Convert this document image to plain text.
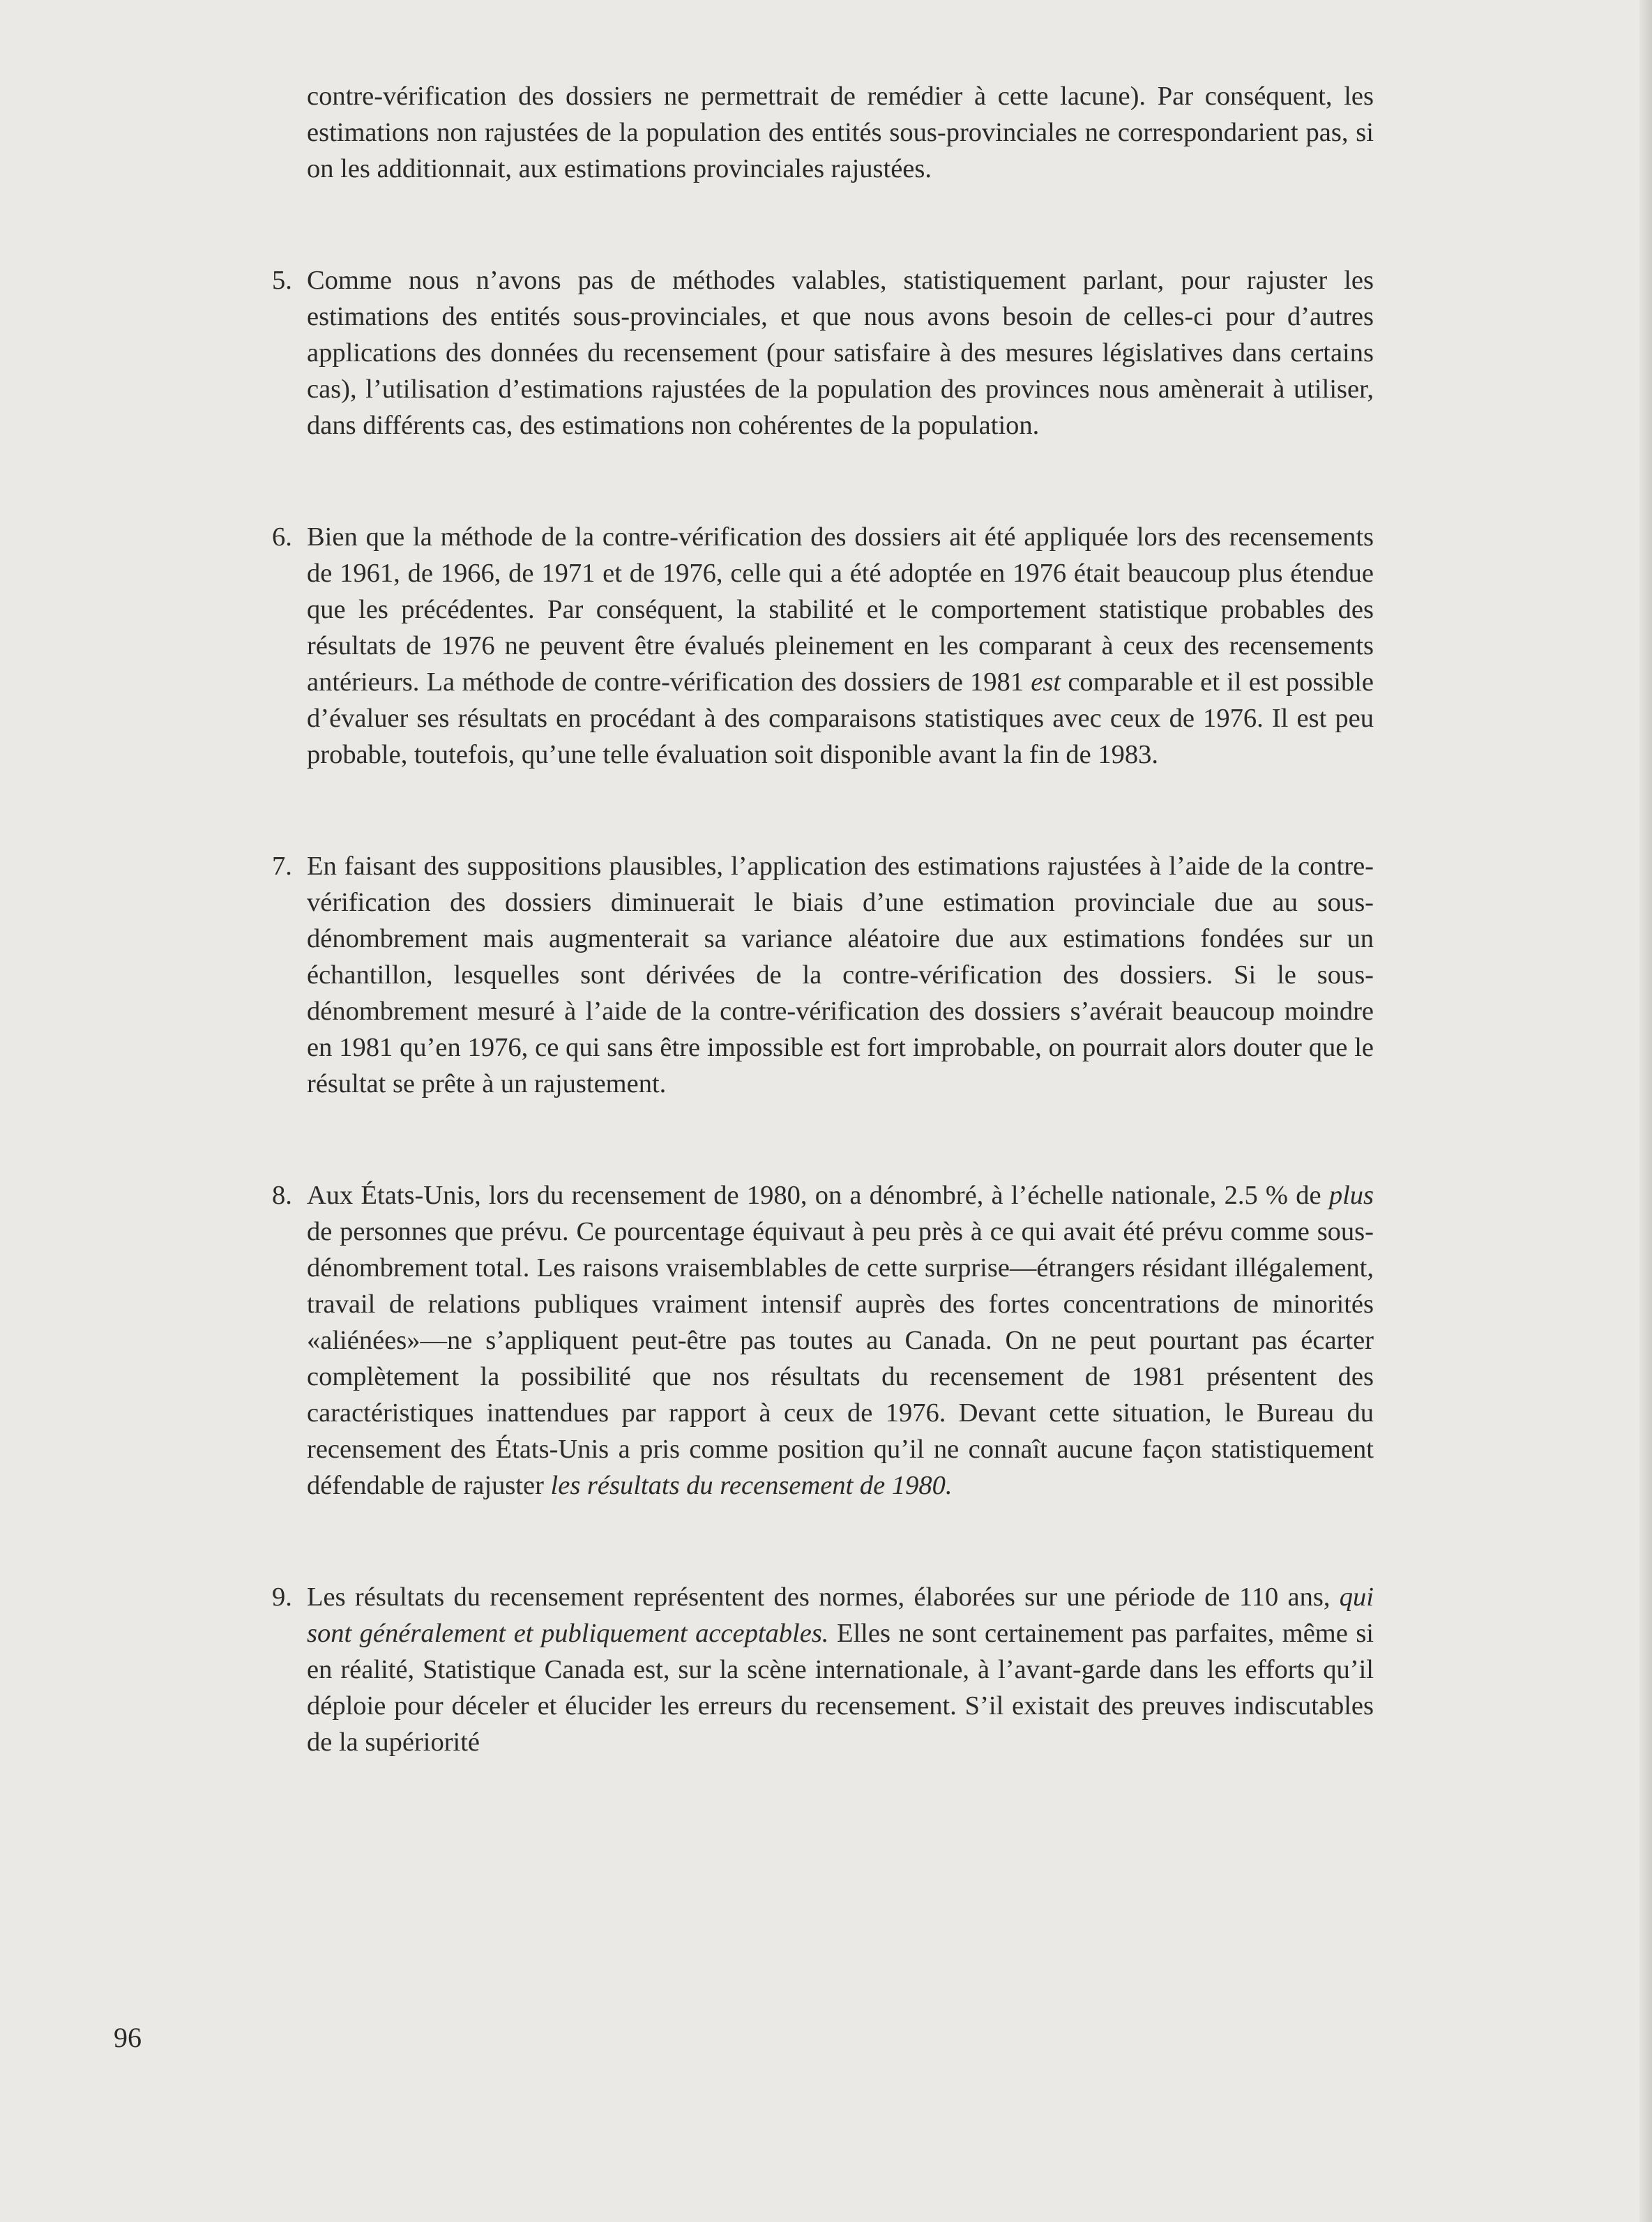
contre-vérification des dossiers ne permettrait de remédier à cette lacune). Par conséquent, les estimations non rajustées de la population des entités sous-provinciales ne correspondarient pas, si on les additionnait, aux estimations provinciales rajustées.

5. Comme nous n’avons pas de méthodes valables, statistiquement parlant, pour rajuster les estimations des entités sous-provinciales, et que nous avons besoin de celles-ci pour d’autres applications des données du recensement (pour satisfaire à des mesures législatives dans certains cas), l’utilisation d’estimations rajustées de la population des provinces nous amènerait à utiliser, dans différents cas, des estimations non cohérentes de la population.

6. Bien que la méthode de la contre-vérification des dossiers ait été appliquée lors des recensements de 1961, de 1966, de 1971 et de 1976, celle qui a été adoptée en 1976 était beaucoup plus étendue que les précédentes. Par conséquent, la stabilité et le comportement statistique probables des résultats de 1976 ne peuvent être évalués pleinement en les comparant à ceux des recensements antérieurs. La méthode de contre-vérification des dossiers de 1981 est comparable et il est possible d’évaluer ses résultats en procédant à des comparaisons statistiques avec ceux de 1976. Il est peu probable, toutefois, qu’une telle évaluation soit disponible avant la fin de 1983.

7. En faisant des suppositions plausibles, l’application des estimations rajustées à l’aide de la contre-vérification des dossiers diminuerait le biais d’une estimation provinciale due au sous-dénombrement mais augmenterait sa variance aléatoire due aux estimations fondées sur un échantillon, lesquelles sont dérivées de la contre-vérification des dossiers. Si le sous-dénombrement mesuré à l’aide de la contre-vérification des dossiers s’avérait beaucoup moindre en 1981 qu’en 1976, ce qui sans être impossible est fort improbable, on pourrait alors douter que le résultat se prête à un rajustement.

8. Aux États-Unis, lors du recensement de 1980, on a dénombré, à l’échelle nationale, 2.5 % de plus de personnes que prévu. Ce pourcentage équivaut à peu près à ce qui avait été prévu comme sous-dénombrement total. Les raisons vraisemblables de cette surprise—étrangers résidant illégalement, travail de relations publiques vraiment intensif auprès des fortes concentrations de minorités «aliénées»—ne s’appliquent peut-être pas toutes au Canada. On ne peut pourtant pas écarter complètement la possibilité que nos résultats du recensement de 1981 présentent des caractéristiques inattendues par rapport à ceux de 1976. Devant cette situation, le Bureau du recensement des États-Unis a pris comme position qu’il ne connaît aucune façon statistiquement défendable de rajuster les résultats du recensement de 1980.

9. Les résultats du recensement représentent des normes, élaborées sur une période de 110 ans, qui sont généralement et publiquement acceptables. Elles ne sont certainement pas parfaites, même si en réalité, Statistique Canada est, sur la scène internationale, à l’avant-garde dans les efforts qu’il déploie pour déceler et élucider les erreurs du recensement. S’il existait des preuves indiscutables de la supériorité

96
